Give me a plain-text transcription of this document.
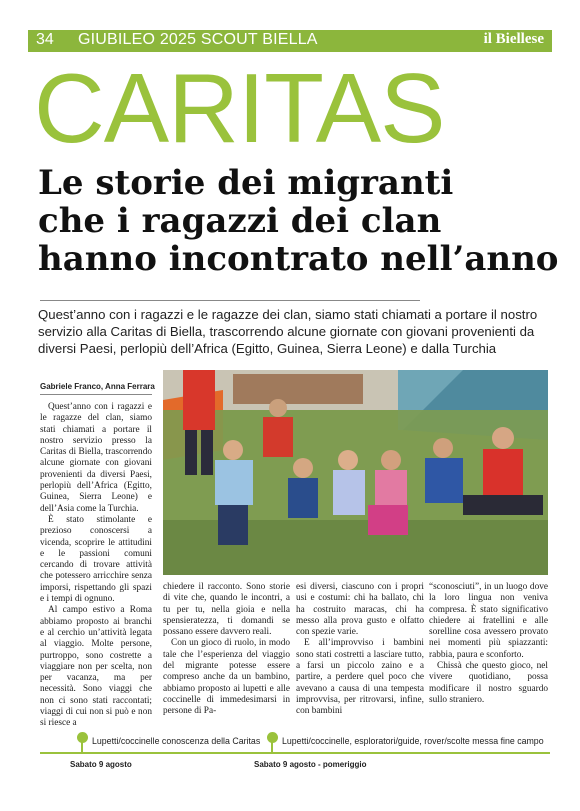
34 GIUBILEO 2025 SCOUT BIELLA	il Biellese
CARITAS
Le storie dei migranti
che i ragazzi dei clan
hanno incontrato nell’anno

Quest’anno con i ragazzi e le ragazze dei clan, siamo stati chiamati a portare il nostro servizio alla Caritas di Biella, trascorrendo alcune giornate con giovani provenienti da diversi Paesi, perlopiù dell’Africa (Egitto, Guinea, Sierra Leone) e dalla Turchia

Gabriele Franco, Anna Ferrara

Quest’anno con i ragazzi e le ragazze del clan, siamo stati chiamati a portare il nostro servizio presso la Caritas di Biella, trascorrendo alcune giornate con giovani provenienti da diversi Paesi, perlopiù dell’Africa (Egitto, Guinea, Sierra Leone) e dell’Asia come la Turchia.

È stato stimolante e prezioso conoscersi a vicenda, scoprire le attitudini e le passioni comuni cercando di trovare attività che potessero arricchire senza imporsi, rispettando gli spazi e i tempi di ognuno.

Al campo estivo a Roma abbiamo proposto ai branchi e al cerchio un’attività legata al viaggio. Molte persone, purtroppo, sono costrette a viaggiare non per scelta, non per vacanza, ma per necessità. Sono viaggi che non ci sono stati raccontati; viaggi di cui non si può e non si riesce a

chiedere il racconto. Sono storie di vite che, quando le incontri, a tu per tu, nella gioia e nella spensieratezza, ti domandi se possano essere davvero reali.

Con un gioco di ruolo, in modo tale che l’esperienza del viaggio del migrante potesse essere compreso anche da un bambino, abbiamo proposto ai lupetti e alle coccinelle di immedesimarsi in persone di Pa-

esi diversi, ciascuno con i propri usi e costumi: chi ha ballato, chi ha costruito maracas, chi ha messo alla prova gusto e olfatto con spezie varie.

E all’improvviso i bambini sono stati costretti a lasciare tutto, a farsi un piccolo zaino e a partire, a perdere quel poco che avevano a causa di una tempesta improvvisa, per ritrovarsi, infine, con bambini

“sconosciuti”, in un luogo dove la loro lingua non veniva compresa. È stato significativo chiedere ai fratellini e alle sorelline cosa avessero provato nei momenti più spiazzanti: rabbia, paura e sconforto.

Chissà che questo gioco, nel vivere quotidiano, possa modificare il nostro sguardo sullo straniero.

Lupetti/coccinelle conoscenza della Caritas Lupetti/coccinelle, esploratori/guide, rover/scolte messa fine campo
Sabato 9 agosto	Sabato 9 agosto - pomeriggio
